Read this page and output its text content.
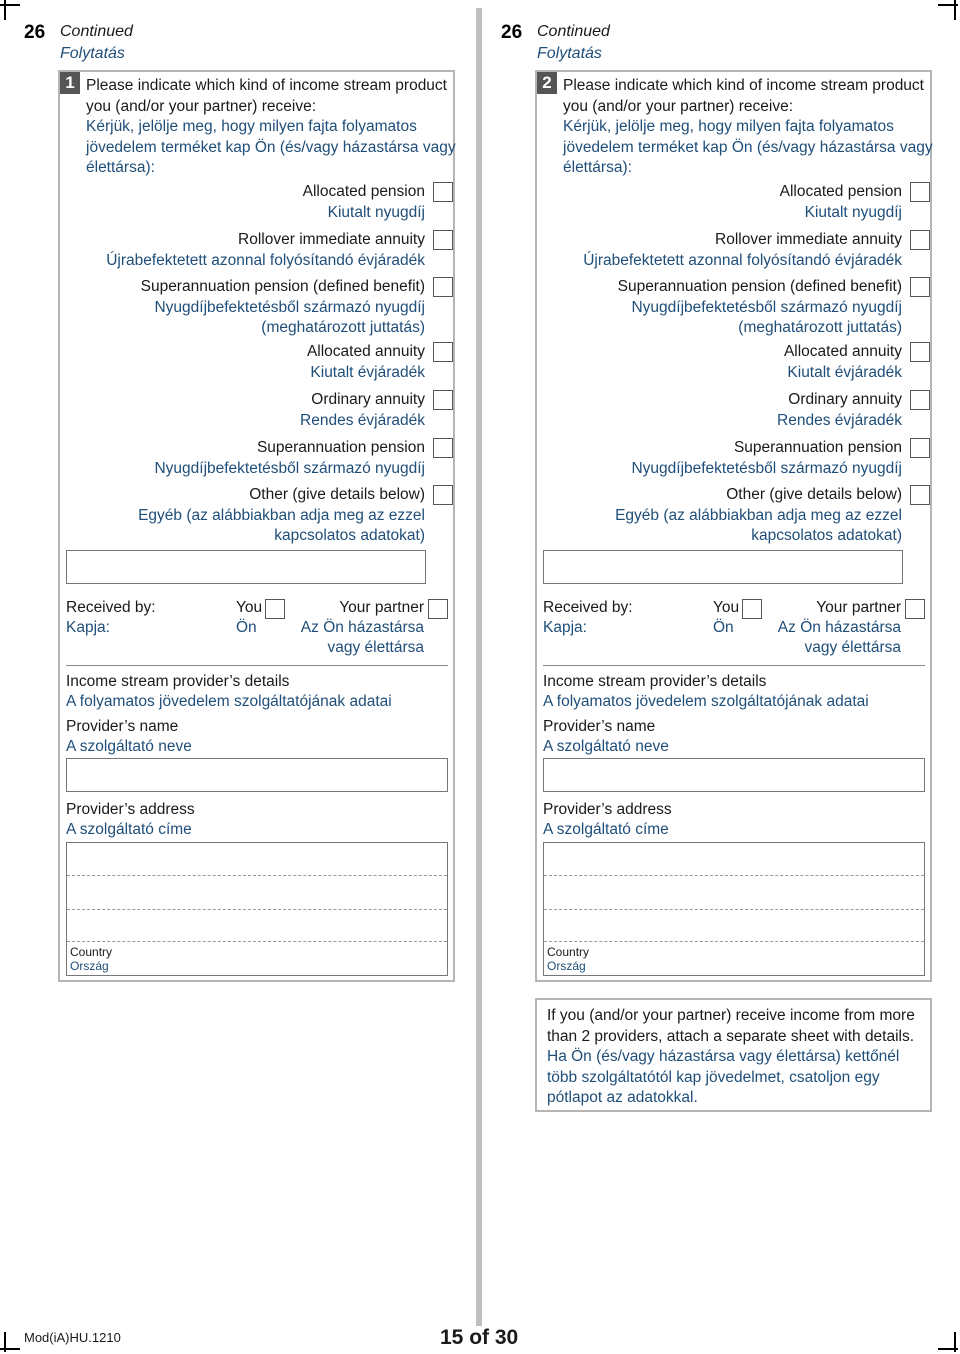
26 Continued
Folytatás
1 Please indicate which kind of income stream product you (and/or your partner) receive:
Kérjük, jelölje meg, hogy milyen fajta folyamatos jövedelem terméket kap Ön (és/vagy házastársa vagy élettársa):
Allocated pension
Kiutalt nyugdíj
Rollover immediate annuity
Újrabefektetett azonnal folyósítandó évjáradék
Superannuation pension (defined benefit)
Nyugdíjbefektetésből származó nyugdíj
(meghatározott juttatás)
Allocated annuity
Kiutalt évjáradék
Ordinary annuity
Rendes évjáradék
Superannuation pension
Nyugdíjbefektetésből származó nyugdíj
Other (give details below)
Egyéb (az alábbiakban adja meg az ezzel
kapcsolatos adatokat)
Received by:
Kapja:
You
Ön
Your partner
Az Ön házastársa
vagy élettársa
Income stream provider’s details
A folyamatos jövedelem szolgáltatójának adatai
Provider’s name
A szolgáltató neve
Provider’s address
A szolgáltató címe
Country
Ország
26 Continued
Folytatás
2 Please indicate which kind of income stream product you (and/or your partner) receive:
Kérjük, jelölje meg, hogy milyen fajta folyamatos jövedelem terméket kap Ön (és/vagy házastársa vagy élettársa):
Allocated pension
Kiutalt nyugdíj
Rollover immediate annuity
Újrabefektetett azonnal folyósítandó évjáradék
Superannuation pension (defined benefit)
Nyugdíjbefektetésből származó nyugdíj
(meghatározott juttatás)
Allocated annuity
Kiutalt évjáradék
Ordinary annuity
Rendes évjáradék
Superannuation pension
Nyugdíjbefektetésből származó nyugdíj
Other (give details below)
Egyéb (az alábbiakban adja meg az ezzel
kapcsolatos adatokat)
Received by:
Kapja:
You
Ön
Your partner
Az Ön házastársa
vagy élettársa
Income stream provider’s details
A folyamatos jövedelem szolgáltatójának adatai
Provider’s name
A szolgáltató neve
Provider’s address
A szolgáltató címe
Country
Ország
If you (and/or your partner) receive income from more than 2 providers, attach a separate sheet with details.
Ha Ön (és/vagy házastársa vagy élettársa) kettőnél több szolgáltatótól kap jövedelmet, csatoljon egy pótlapot az adatokkal.
Mod(iA)HU.1210	15 of 30
